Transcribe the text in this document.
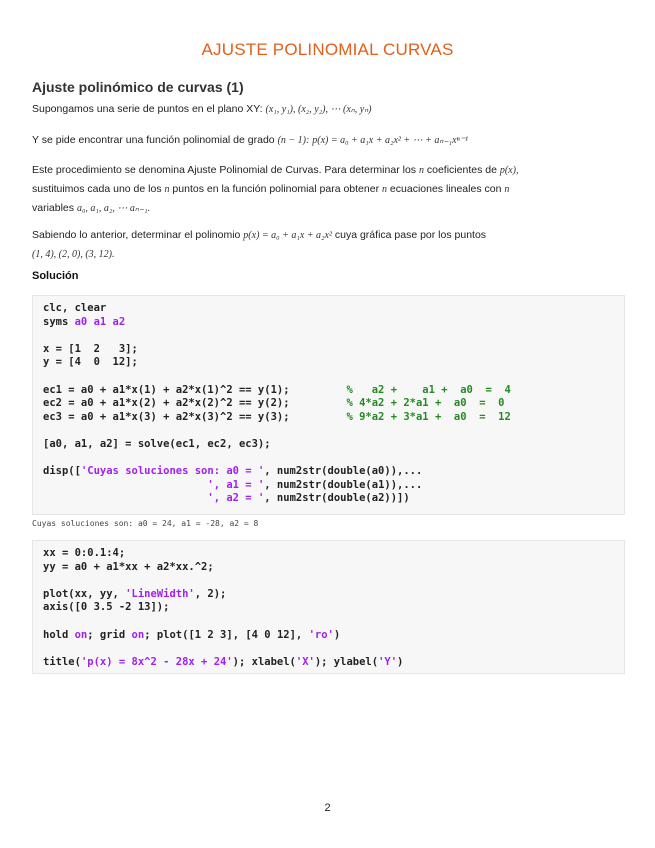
AJUSTE POLINOMIAL CURVAS
Ajuste polinómico de curvas (1)
Supongamos una serie de puntos en el plano XY: (x₁, y₁), (x₂, y₂), ⋯ (xₙ, yₙ)
Y se pide encontrar una función polinomial de grado (n − 1): p(x) = a₀ + a₁x + a₂x² + ⋯ + aₙ₋₁xⁿ⁻¹
Este procedimiento se denomina Ajuste Polinomial de Curvas. Para determinar los n coeficientes de p(x),
sustituimos cada uno de los n puntos en la función polinomial para obtener n ecuaciones lineales con n
variables a₀, a₁, a₂, ⋯ aₙ₋₁.
Sabiendo lo anterior, determinar el polinomio p(x) = a₀ + a₁x + a₂x² cuya gráfica pase por los puntos
(1, 4), (2, 0), (3, 12).
Solución
clc, clear
syms a0 a1 a2
x = [1  2   3];
y = [4  0  12];
ec1 = a0 + a1*x(1) + a2*x(1)^2 == y(1);         %   a2 +    a1 +  a0  =  4
ec2 = a0 + a1*x(2) + a2*x(2)^2 == y(2);         % 4*a2 + 2*a1 +  a0  =  0
ec3 = a0 + a1*x(3) + a2*x(3)^2 == y(3);         % 9*a2 + 3*a1 +  a0  =  12
[a0, a1, a2] = solve(ec1, ec2, ec3);
disp(['Cuyas soluciones son: a0 = ', num2str(double(a0)),...
', a1 = ', num2str(double(a1)),...
', a2 = ', num2str(double(a2))])
Cuyas soluciones son: a0 = 24, a1 = -28, a2 = 8
xx = 0:0.1:4;
yy = a0 + a1*xx + a2*xx.^2;
plot(xx, yy, 'LineWidth', 2);
axis([0 3.5 -2 13]);
hold on; grid on; plot([1 2 3], [4 0 12], 'ro')
title('p(x) = 8x^2 - 28x + 24'); xlabel('X'); ylabel('Y')
2
